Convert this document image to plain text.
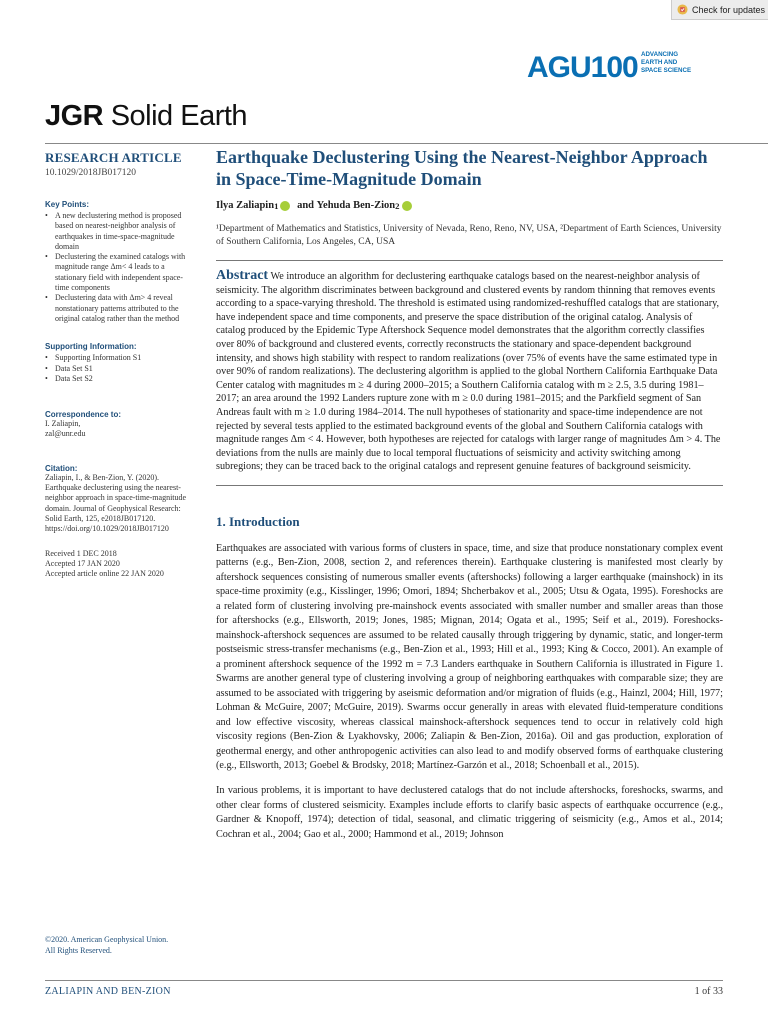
Check for updates
AGU100 ADVANCING
EARTH AND
SPACE SCIENCE
JGR Solid Earth
RESEARCH ARTICLE
10.1029/2018JB017120
Key Points:
• A new declustering method is proposed based on nearest-neighbor analysis of earthquakes in time-space-magnitude domain
• Declustering the examined catalogs with magnitude range Δm< 4 leads to a stationary field with independent space-time components
• Declustering data with Δm> 4 reveal nonstationary patterns attributed to the original catalog rather than the method
Supporting Information:
• Supporting Information S1
• Data Set S1
• Data Set S2
Correspondence to:
I. Zaliapin,
zal@unr.edu
Citation:
Zaliapin, I., & Ben-Zion, Y. (2020). Earthquake declustering using the nearest-neighbor approach in space-time-magnitude domain. Journal of Geophysical Research: Solid Earth, 125, e2018JB017120. https://doi.org/10.1029/2018JB017120
Received 1 DEC 2018
Accepted 17 JAN 2020
Accepted article online 22 JAN 2020
Earthquake Declustering Using the Nearest-Neighbor Approach in Space-Time-Magnitude Domain
Ilya Zaliapin 1 and Yehuda Ben-Zion 2
¹Department of Mathematics and Statistics, University of Nevada, Reno, Reno, NV, USA, ²Department of Earth Sciences, University of Southern California, Los Angeles, CA, USA
Abstract We introduce an algorithm for declustering earthquake catalogs based on the nearest-neighbor analysis of seismicity. The algorithm discriminates between background and clustered events by random thinning that removes events according to a space-varying threshold. The threshold is estimated using randomized-reshuffled catalogs that are stationary, have independent space and time components, and preserve the space distribution of the original catalog. Analysis of catalog produced by the Epidemic Type Aftershock Sequence model demonstrates that the algorithm correctly classifies over 80% of background and clustered events, correctly reconstructs the stationary and space-dependent background intensity, and shows high stability with respect to random realizations (over 75% of events have the same estimated type in over 90% of random realizations). The declustering algorithm is applied to the global Northern California Earthquake Data Center catalog with magnitudes m ≥ 4 during 2000–2015; a Southern California catalog with m ≥ 2.5, 3.5 during 1981–2017; an area around the 1992 Landers rupture zone with m ≥ 0.0 during 1981–2015; and the Parkfield segment of San Andreas fault with m ≥ 1.0 during 1984–2014. The null hypotheses of stationarity and space-time independence are not rejected by several tests applied to the estimated background events of the global and Southern California catalogs with magnitude ranges Δm < 4. However, both hypotheses are rejected for catalogs with larger range of magnitudes Δm > 4. The deviations from the nulls are mainly due to local temporal fluctuations of seismicity and activity switching among subregions; they can be traced back to the original catalogs and represent genuine features of background seismicity.
1. Introduction

Earthquakes are associated with various forms of clusters in space, time, and size that produce nonstationary complex event patterns (e.g., Ben-Zion, 2008, section 2, and references therein). Earthquake clustering is manifested most clearly by aftershock sequences consisting of numerous smaller events (aftershocks) following a larger earthquake (mainshock) in its space-time proximity (e.g., Kisslinger, 1996; Omori, 1894; Shcherbakov et al., 2005; Utsu & Ogata, 1995). Foreshocks are a related form of clustering involving pre-mainshock events associated with smaller number and smaller areas than those for aftershocks (e.g., Ellsworth, 2019; Jones, 1985; Mignan, 2014; Ogata et al., 1995; Seif et al., 2019). Foreshocks-mainshock-aftershock sequences are assumed to be related causally through triggering by dynamic, static, and longer-term postseismic stress-transfer mechanisms (e.g., Ben-Zion et al., 1993; Hill et al., 1993; King & Cocco, 2001). An example of a prominent aftershock sequence of the 1992 m = 7.3 Landers earthquake in Southern California is illustrated in Figure 1. Swarms are another general type of clustering involving a group of neighboring earthquakes with comparable size; they are assumed to be associated with triggering by aseismic deformation and/or migration of fluids (e.g., Hainzl, 2004; Hill, 1977; Lohman & McGuire, 2007; McGuire, 2019). Swarms occur generally in areas with elevated fluid-temperature conditions and low effective viscosity, whereas classical mainshock-aftershock sequences tend to occur in relatively cold high viscosity regions (Ben-Zion & Lyakhovsky, 2006; Zaliapin & Ben-Zion, 2016a). Oil and gas production, exploration of geothermal energy, and other anthropogenic activities can also lead to and modify observed forms of earthquake clustering (e.g., Ellsworth, 2013; Goebel & Brodsky, 2018; Martínez-Garzón et al., 2018; Schoenball et al., 2015).

In various problems, it is important to have declustered catalogs that do not include aftershocks, foreshocks, swarms, and other clear forms of clustered seismicity. Examples include efforts to clarify basic aspects of earthquake occurrence (e.g., Gardner & Knopoff, 1974); detection of tidal, seasonal, and climatic triggering of seismicity (e.g., Amos et al., 2014; Cochran et al., 2004; Gao et al., 2000; Hammond et al., 2019; Johnson

©2020. American Geophysical Union.
All Rights Reserved.
ZALIAPIN AND BEN-ZION	1 of 33
